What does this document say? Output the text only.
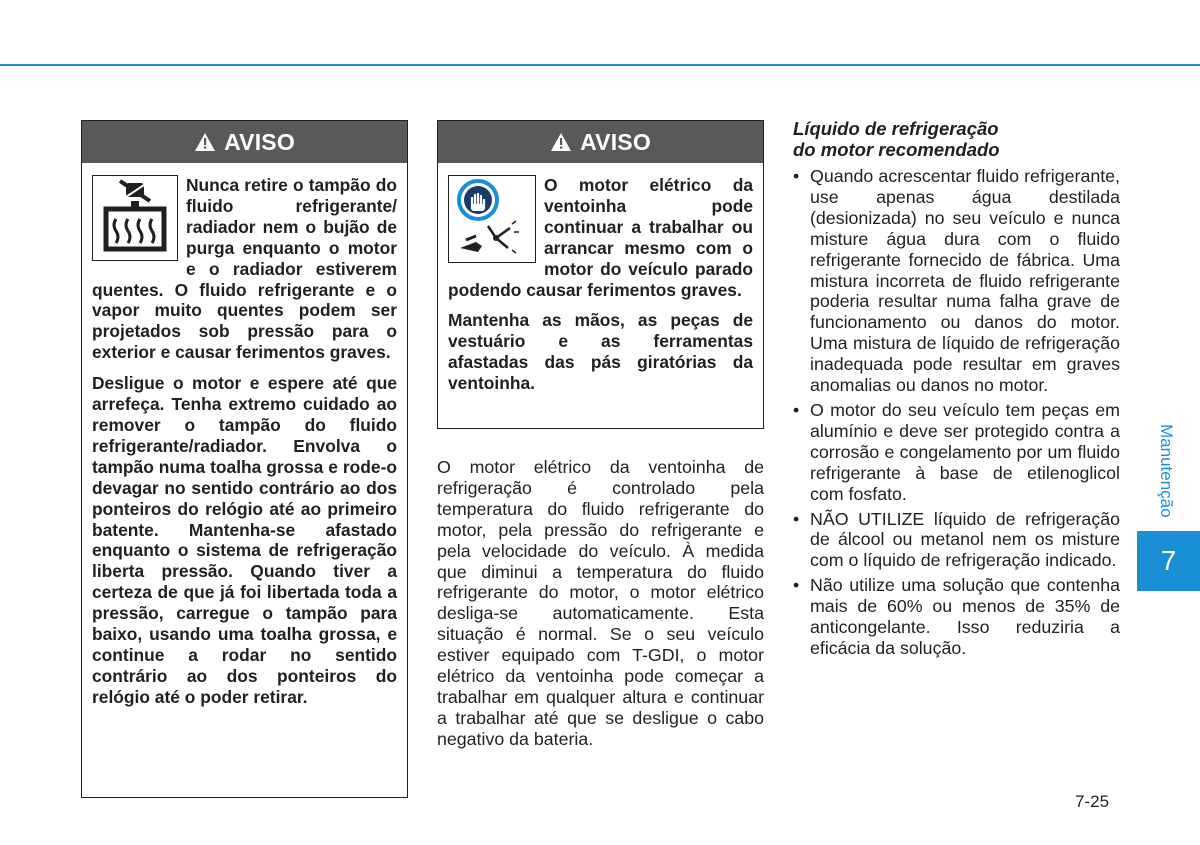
AVISO

Nunca retire o tampão do fluido refrigerante/ radiador nem o bujão de purga enquanto o motor e o radiador estiverem quentes. O fluido refrigerante e o vapor muito quentes podem ser projetados sob pressão para o exterior e causar ferimentos graves.

Desligue o motor e espere até que arrefeça. Tenha extremo cuidado ao remover o tampão do fluido refrigerante/radiador. Envolva o tampão numa toalha grossa e rode-o devagar no sentido contrário ao dos ponteiros do relógio até ao primeiro batente. Mantenha-se afastado enquanto o sistema de refrigeração liberta pressão. Quando tiver a certeza de que já foi libertada toda a pressão, carregue o tampão para baixo, usando uma toalha grossa, e continue a rodar no sentido contrário ao dos ponteiros do relógio até o poder retirar.

AVISO

O motor elétrico da ventoinha pode continuar a trabalhar ou arrancar mesmo com o motor do veículo parado podendo causar ferimentos graves.

Mantenha as mãos, as peças de vestuário e as ferramentas afastadas das pás giratórias da ventoinha.

O motor elétrico da ventoinha de refrigeração é controlado pela temperatura do fluido refrigerante do motor, pela pressão do refrigerante e pela velocidade do veículo. À medida que diminui a temperatura do fluido refrigerante do motor, o motor elétrico desliga-se automaticamente. Esta situação é normal. Se o seu veículo estiver equipado com T-GDI, o motor elétrico da ventoinha pode começar a trabalhar em qualquer altura e continuar a trabalhar até que se desligue o cabo negativo da bateria.

Líquido de refrigeração

do motor recomendado

• Quando acrescentar fluido refrigerante, use apenas água destilada (desionizada) no seu veículo e nunca misture água dura com o fluido refrigerante fornecido de fábrica. Uma mistura incorreta de fluido refrigerante poderia resultar numa falha grave de funcionamento ou danos do motor. Uma mistura de líquido de refrigeração inadequada pode resultar em graves anomalias ou danos no motor.
• O motor do seu veículo tem peças em alumínio e deve ser protegido contra a corrosão e congelamento por um fluido refrigerante à base de etilenoglicol com fosfato.
• NÃO UTILIZE líquido de refrigeração de álcool ou metanol nem os misture com o líquido de refrigeração indicado.
• Não utilize uma solução que contenha mais de 60% ou menos de 35% de anticongelante. Isso reduziria a eficácia da solução.
Manutenção
7
7-25
